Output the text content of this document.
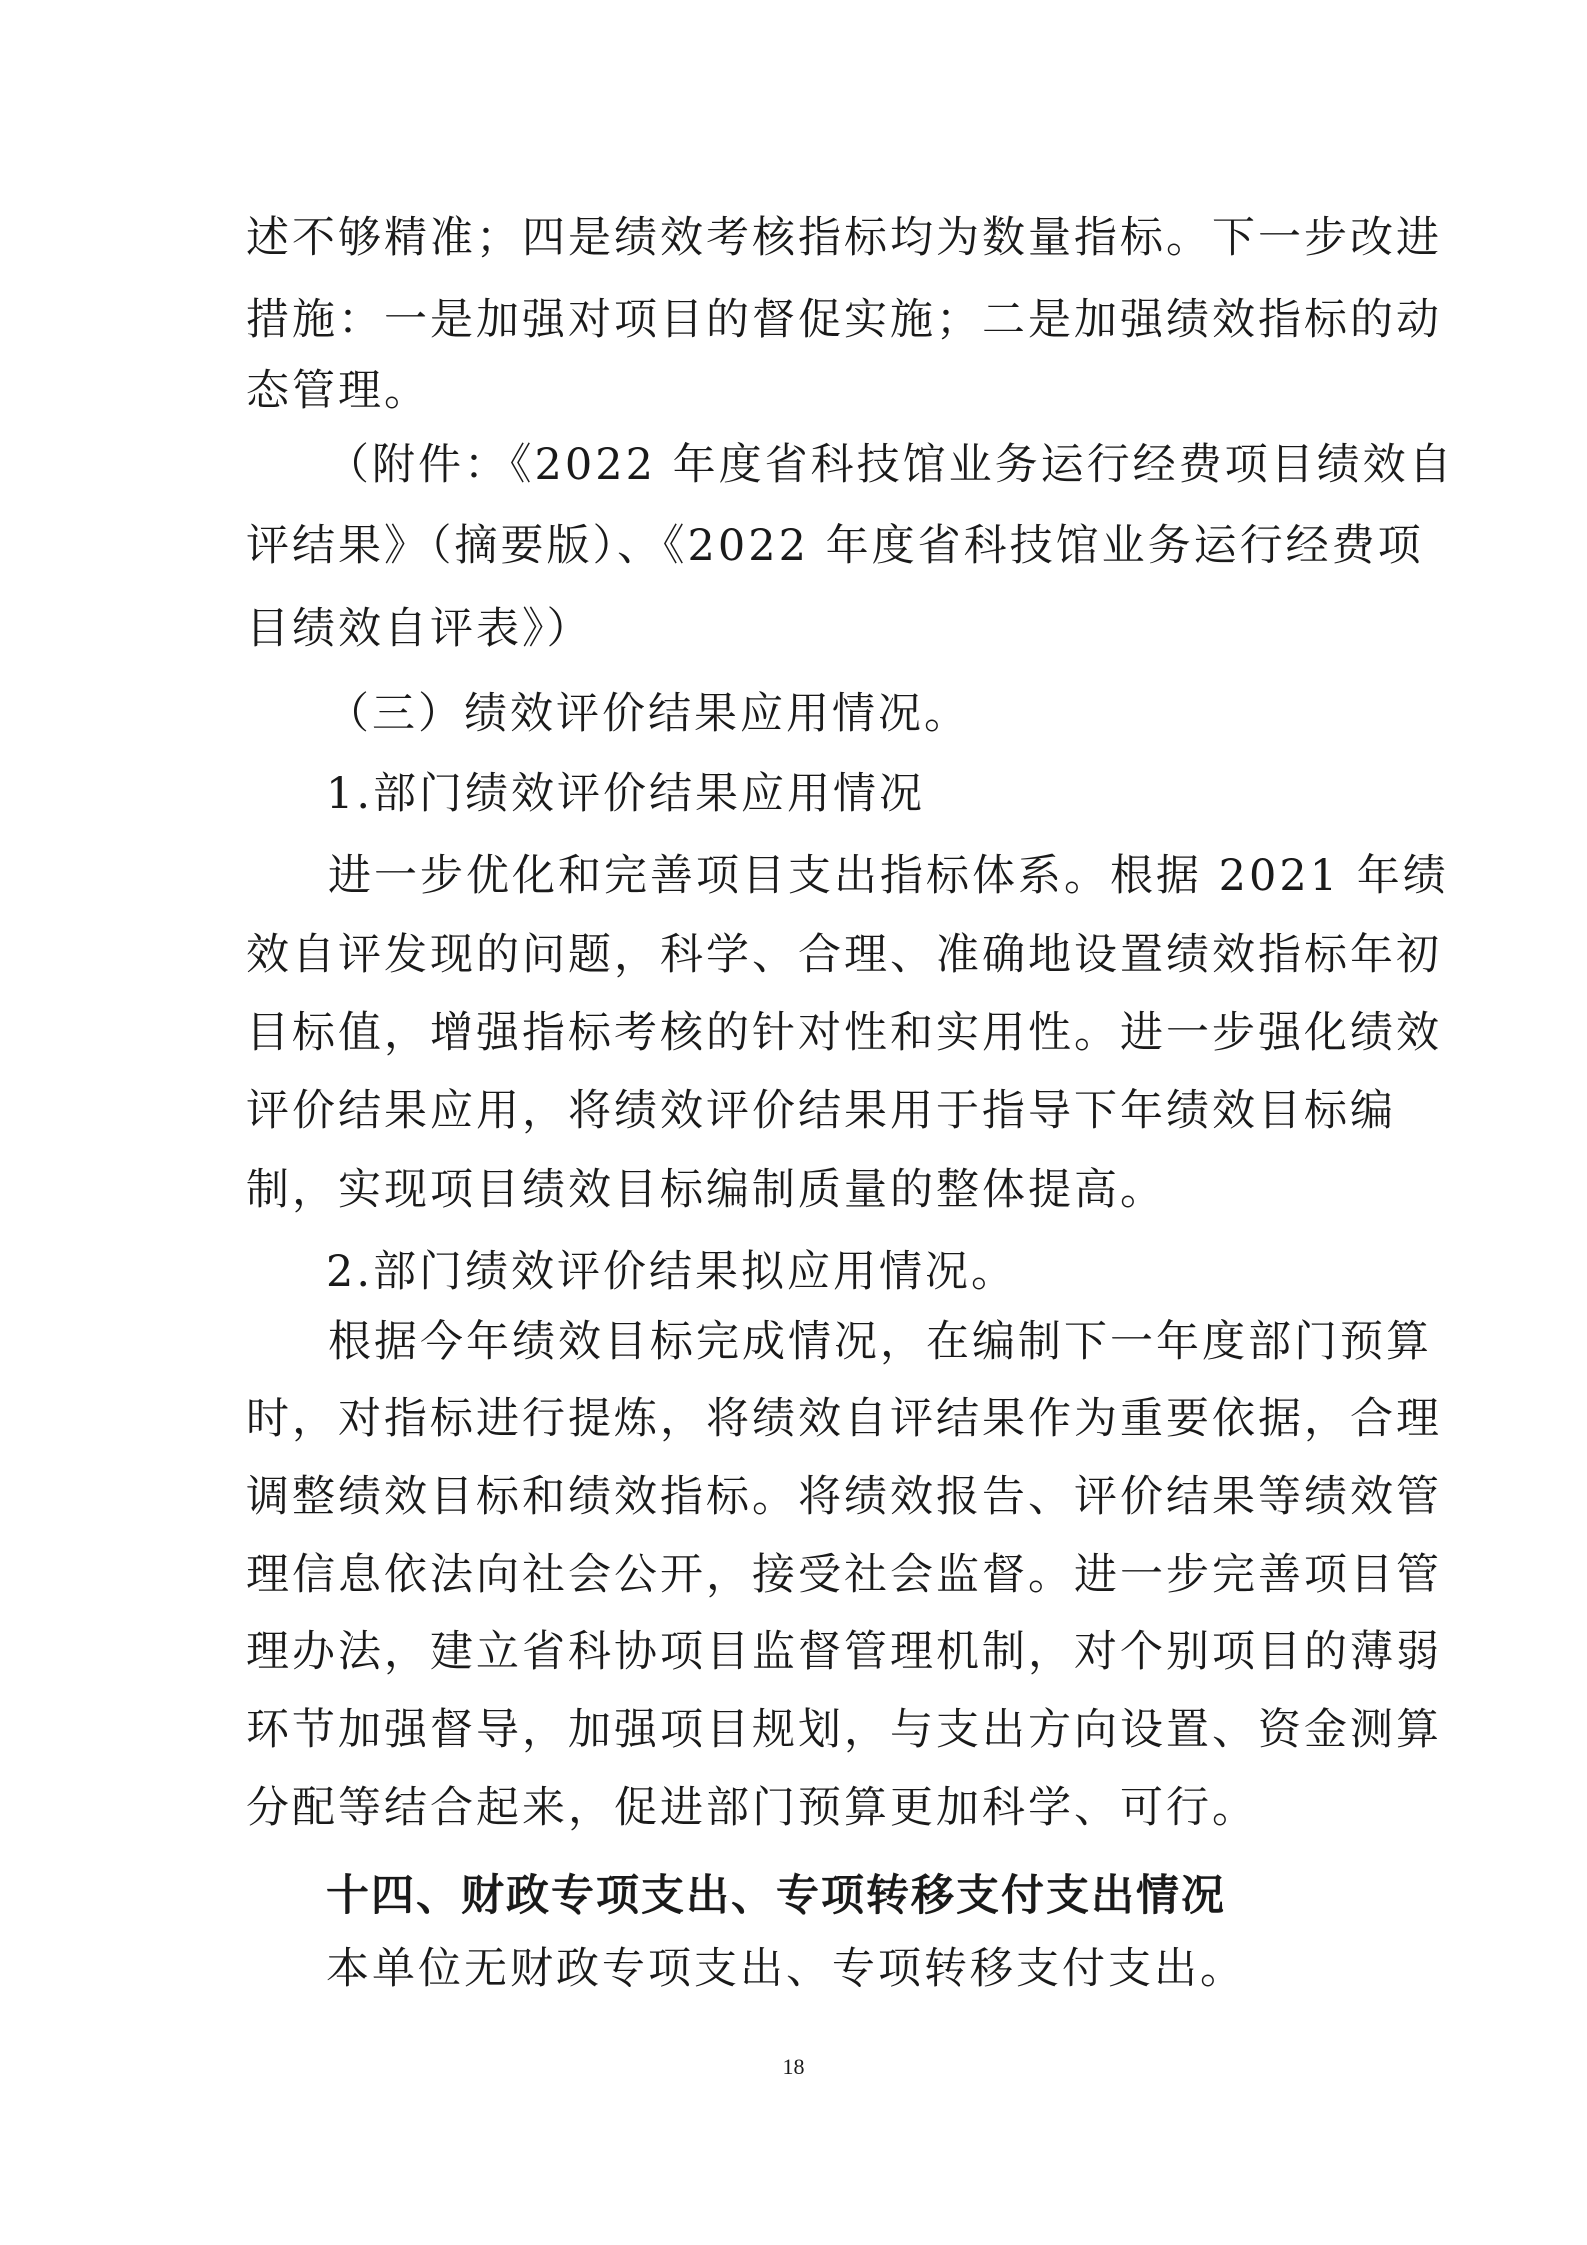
述不够精准；四是绩效考核指标均为数量指标。下一步改进

措施：一是加强对项目的督促实施；二是加强绩效指标的动

态管理。

（附件：《2022 年度省科技馆业务运行经费项目绩效自

评结果》（摘要版）、《2022 年度省科技馆业务运行经费项

目绩效自评表》）

（三）绩效评价结果应用情况。

1.部门绩效评价结果应用情况

进一步优化和完善项目支出指标体系。根据 2021 年绩

效自评发现的问题，科学、合理、准确地设置绩效指标年初

目标值，增强指标考核的针对性和实用性。进一步强化绩效

评价结果应用，将绩效评价结果用于指导下年绩效目标编

制，实现项目绩效目标编制质量的整体提高。

2.部门绩效评价结果拟应用情况。

根据今年绩效目标完成情况，在编制下一年度部门预算

时，对指标进行提炼，将绩效自评结果作为重要依据，合理

调整绩效目标和绩效指标。将绩效报告、评价结果等绩效管

理信息依法向社会公开，接受社会监督。进一步完善项目管

理办法，建立省科协项目监督管理机制，对个别项目的薄弱

环节加强督导，加强项目规划，与支出方向设置、资金测算

分配等结合起来，促进部门预算更加科学、可行。

十四、财政专项支出、专项转移支付支出情况

本单位无财政专项支出、专项转移支付支出。

18
